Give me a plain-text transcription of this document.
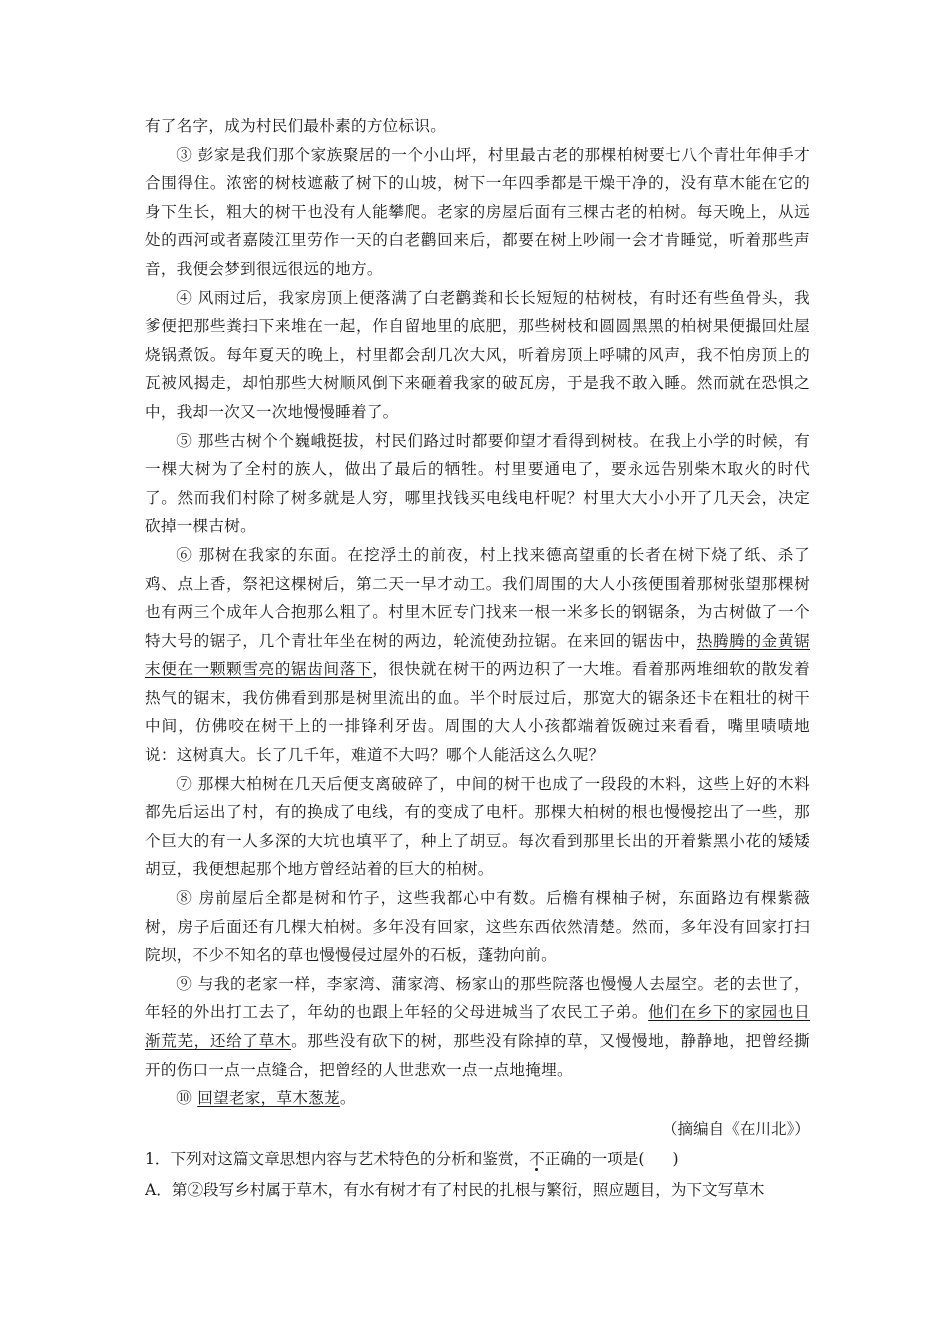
有了名字，成为村民们最朴素的方位标识。

③ 彭家是我们那个家族聚居的一个小山坪，村里最古老的那棵柏树要七八个青壮年伸手才合围得住。浓密的树枝遮蔽了树下的山坡，树下一年四季都是干燥干净的，没有草木能在它的身下生长，粗大的树干也没有人能攀爬。老家的房屋后面有三棵古老的柏树。每天晚上，从远处的西河或者嘉陵江里劳作一天的白老鹳回来后，都要在树上吵闹一会才肯睡觉，听着那些声音，我便会梦到很远很远的地方。

④ 风雨过后，我家房顶上便落满了白老鹳粪和长长短短的枯树枝，有时还有些鱼骨头，我爹便把那些粪扫下来堆在一起，作自留地里的底肥，那些树枝和圆圆黑黑的柏树果便撮回灶屋烧锅煮饭。每年夏天的晚上，村里都会刮几次大风，听着房顶上呼啸的风声，我不怕房顶上的瓦被风揭走，却怕那些大树顺风倒下来砸着我家的破瓦房，于是我不敢入睡。然而就在恐惧之中，我却一次又一次地慢慢睡着了。

⑤ 那些古树个个巍峨挺拔，村民们路过时都要仰望才看得到树枝。在我上小学的时候，有一棵大树为了全村的族人，做出了最后的牺牲。村里要通电了，要永远告别柴木取火的时代了。然而我们村除了树多就是人穷，哪里找钱买电线电杆呢？村里大大小小开了几天会，决定砍掉一棵古树。

⑥ 那树在我家的东面。在挖浮土的前夜，村上找来德高望重的长者在树下烧了纸、杀了鸡、点上香，祭祀这棵树后，第二天一早才动工。我们周围的大人小孩便围着那树张望那棵树也有两三个成年人合抱那么粗了。村里木匠专门找来一根一米多长的钢锯条，为古树做了一个特大号的锯子，几个青壮年坐在树的两边，轮流使劲拉锯。在来回的锯齿中，热腾腾的金黄锯末便在一颗颗雪亮的锯齿间落下，很快就在树干的两边积了一大堆。看着那两堆细软的散发着热气的锯末，我仿佛看到那是树里流出的血。半个时辰过后，那宽大的锯条还卡在粗壮的树干中间，仿佛咬在树干上的一排锋利牙齿。周围的大人小孩都端着饭碗过来看看，嘴里啧啧地说：这树真大。长了几千年，难道不大吗？哪个人能活这么久呢？

⑦ 那棵大柏树在几天后便支离破碎了，中间的树干也成了一段段的木料，这些上好的木料都先后运出了村，有的换成了电线，有的变成了电杆。那棵大柏树的根也慢慢挖出了一些，那个巨大的有一人多深的大坑也填平了，种上了胡豆。每次看到那里长出的开着紫黑小花的矮矮胡豆，我便想起那个地方曾经站着的巨大的柏树。

⑧ 房前屋后全都是树和竹子，这些我都心中有数。后檐有棵柚子树，东面路边有棵紫薇树，房子后面还有几棵大柏树。多年没有回家，这些东西依然清楚。然而，多年没有回家打扫院坝，不少不知名的草也慢慢侵过屋外的石板，蓬勃向前。

⑨ 与我的老家一样，李家湾、蒲家湾、杨家山的那些院落也慢慢人去屋空。老的去世了，年轻的外出打工去了，年幼的也跟上年轻的父母进城当了农民工子弟。他们在乡下的家园也日渐荒芜，还给了草木。那些没有砍下的树，那些没有除掉的草，又慢慢地，静静地，把曾经撕开的伤口一点一点缝合，把曾经的人世悲欢一点一点地掩埋。

⑩ 回望老家，草木葱茏。

（摘编自《在川北》）

1．下列对这篇文章思想内容与艺术特色的分析和鉴赏，不正确的一项是( )

A．第②段写乡村属于草木，有水有树才有了村民的扎根与繁衍，照应题目，为下文写草木
